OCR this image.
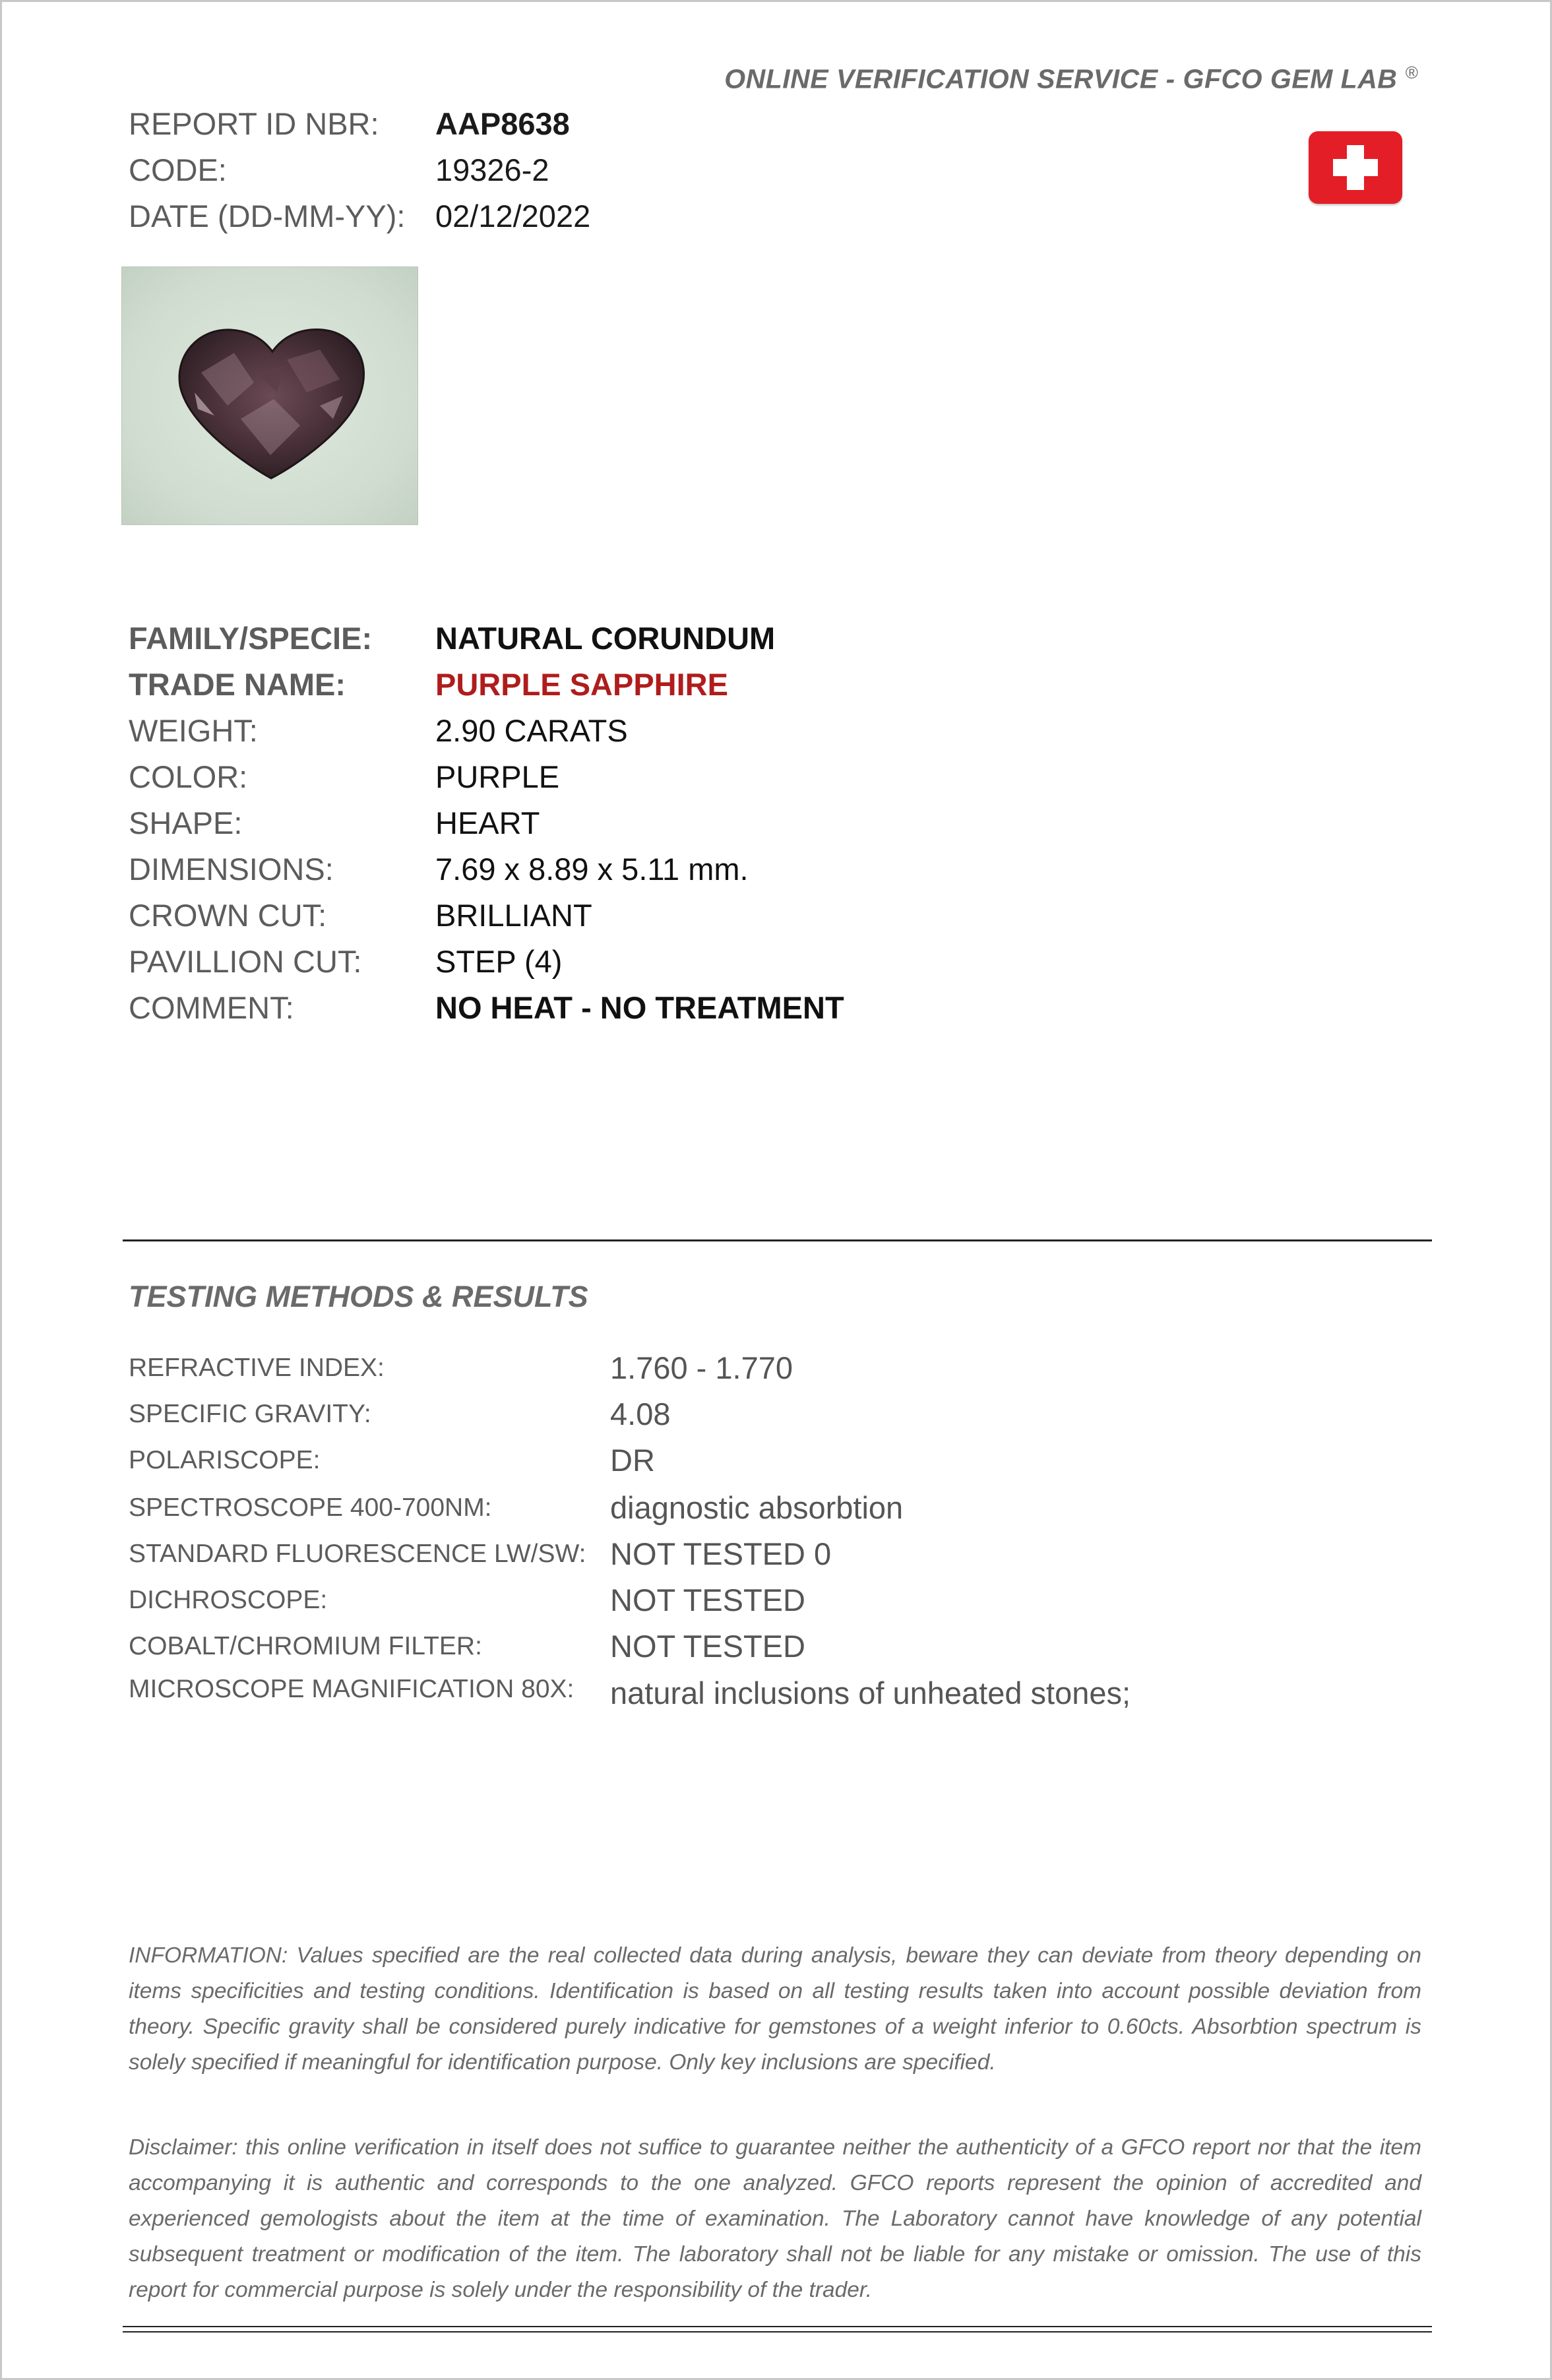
ONLINE VERIFICATION SERVICE - GFCO GEM LAB ®
REPORT ID NBR: AAP8638
CODE:	19326-2
DATE (DD-MM-YY): 02/12/2022
FAMILY/SPECIE: NATURAL CORUNDUM
TRADE NAME:	PURPLE SAPPHIRE
WEIGHT:	2.90 CARATS
COLOR:	PURPLE
SHAPE:	HEART
DIMENSIONS:	7.69 x 8.89 x 5.11 mm.
CROWN CUT:	BRILLIANT
PAVILLION CUT: STEP (4)
COMMENT:	NO HEAT - NO TREATMENT
TESTING METHODS & RESULTS
REFRACTIVE INDEX:	1.760 - 1.770
SPECIFIC GRAVITY:	4.08
POLARISCOPE:	DR
SPECTROSCOPE 400-700NM:	diagnostic absorbtion
STANDARD FLUORESCENCE LW/SW: NOT TESTED 0
DICHROSCOPE:	NOT TESTED
COBALT/CHROMIUM FILTER:	NOT TESTED
MICROSCOPE MAGNIFICATION 80X: natural inclusions of unheated stones;
INFORMATION: Values specified are the real collected data during analysis, beware they can deviate from theory depending on items specificities and testing conditions. Identification is based on all testing results taken into account possible deviation from theory. Specific gravity shall be considered purely indicative for gemstones of a weight inferior to 0.60cts. Absorbtion spectrum is solely specified if meaningful for identification purpose. Only key inclusions are specified.
Disclaimer: this online verification in itself does not suffice to guarantee neither the authenticity of a GFCO report nor that the item accompanying it is authentic and corresponds to the one analyzed. GFCO reports represent the opinion of accredited and experienced gemologists about the item at the time of examination. The Laboratory cannot have knowledge of any potential subsequent treatment or modification of the item. The laboratory shall not be liable for any mistake or omission. The use of this report for commercial purpose is solely under the responsibility of the trader.
